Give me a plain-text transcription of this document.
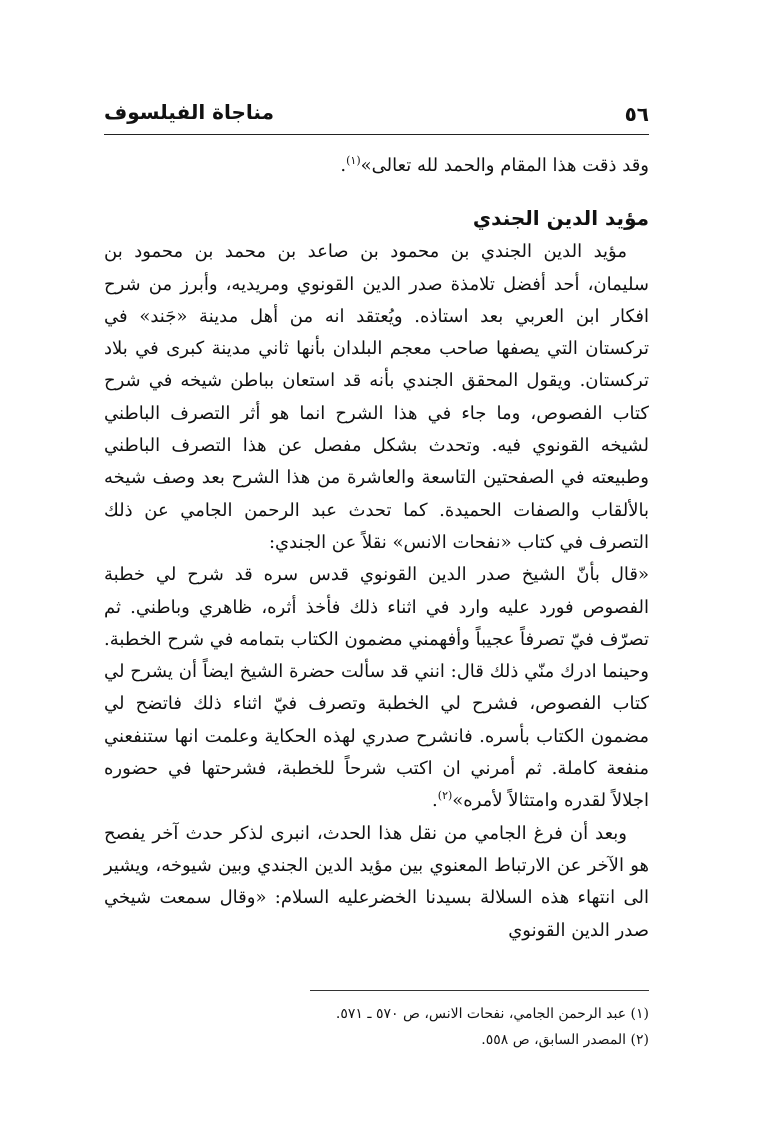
٥٦
مناجاة الفيلسوف

وقد ذقت هذا المقام والحمد لله تعالى»$^{(١)}$.

مؤيد الدين الجندي

مؤيد الدين الجندي بن محمود بن صاعد بن محمد بن محمود بن سليمان، أحد أفضل تلامذة صدر الدين القونوي ومريديه، وأبرز من شرح افكار ابن العربي بعد استاذه. ويُعتقد انه من أهل مدينة «جَند» في تركستان التي يصفها صاحب معجم البلدان بأنها ثاني مدينة كبرى في بلاد تركستان. ويقول المحقق الجندي بأنه قد استعان بباطن شيخه في شرح كتاب الفصوص، وما جاء في هذا الشرح انما هو أثر التصرف الباطني لشيخه القونوي فيه. وتحدث بشكل مفصل عن هذا التصرف الباطني وطبيعته في الصفحتين التاسعة والعاشرة من هذا الشرح بعد وصف شيخه بالألقاب والصفات الحميدة. كما تحدث عبد الرحمن الجامي عن ذلك التصرف في كتاب «نفحات الانس» نقلاً عن الجندي:

«قال بأنّ الشيخ صدر الدين القونوي قدس سره قد شرح لي خطبة الفصوص فورد عليه وارد في اثناء ذلك فأخذ أثره، ظاهري وباطني. ثم تصرّف فيّ تصرفاً عجيباً وأفهمني مضمون الكتاب بتمامه في شرح الخطبة. وحينما ادرك منّي ذلك قال: انني قد سألت حضرة الشيخ ايضاً أن يشرح لي كتاب الفصوص، فشرح لي الخطبة وتصرف فيّ اثناء ذلك فاتضح لي مضمون الكتاب بأسره. فانشرح صدري لهذه الحكاية وعلمت انها ستنفعني منفعة كاملة. ثم أمرني ان اكتب شرحاً للخطبة، فشرحتها في حضوره اجلالاً لقدره وامتثالاً لأمره»$^{(٢)}$.

وبعد أن فرغ الجامي من نقل هذا الحدث، انبرى لذكر حدث آخر يفصح هو الآخر عن الارتباط المعنوي بين مؤيد الدين الجندي وبين شيوخه، ويشير الى انتهاء هذه السلالة بسيدنا الخضرعليه السلام: «وقال سمعت شيخي صدر الدين القونوي

(١) عبد الرحمن الجامي، نفحات الانس، ص ٥٧٠ ـ ٥٧١.

(٢) المصدر السابق، ص ٥٥٨.
